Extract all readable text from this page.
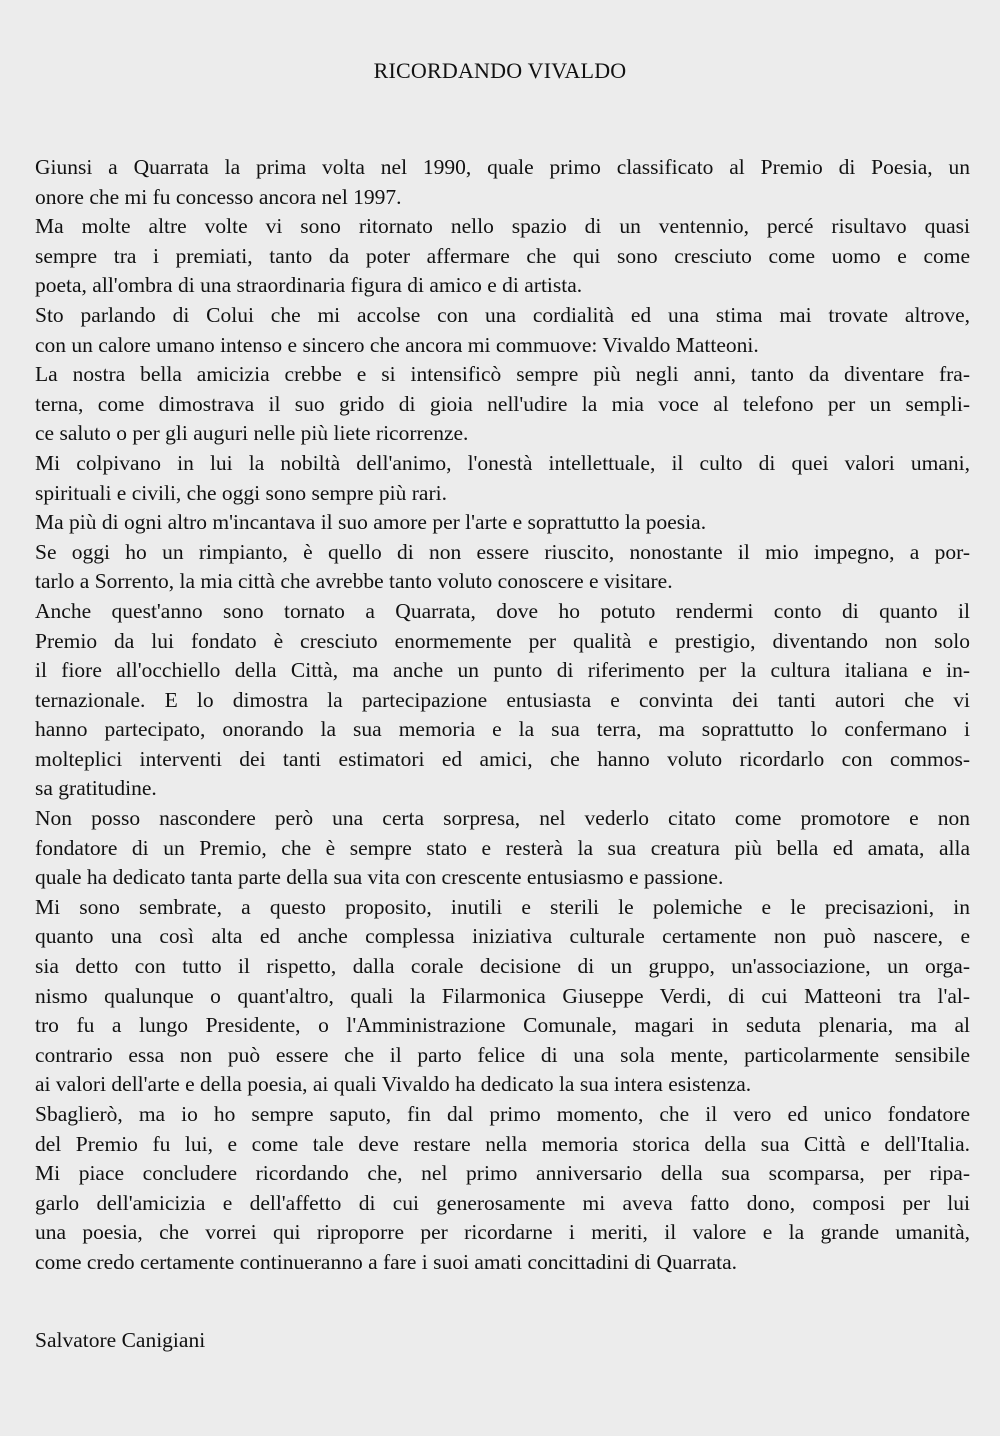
RICORDANDO VIVALDO
Giunsi a Quarrata la prima volta nel 1990, quale primo classificato al Premio di Poesia, un
onore che mi fu concesso ancora nel 1997.
Ma molte altre volte vi sono ritornato nello spazio di un ventennio, percé risultavo quasi
sempre tra i premiati, tanto da poter affermare che qui sono cresciuto come uomo e come
poeta, all'ombra di una straordinaria figura di amico e di artista.
Sto parlando di Colui che mi accolse con una cordialità ed una stima mai trovate altrove,
con un calore umano intenso e sincero che ancora mi commuove: Vivaldo Matteoni.
La nostra bella amicizia crebbe e si intensificò sempre più negli anni, tanto da diventare fra-
terna, come dimostrava il suo grido di gioia nell'udire la mia voce al telefono per un sempli-
ce saluto o per gli auguri nelle più liete ricorrenze.
Mi colpivano in lui la nobiltà dell'animo, l'onestà intellettuale, il culto di quei valori umani,
spirituali e civili, che oggi sono sempre più rari.
Ma più di ogni altro m'incantava il suo amore per l'arte e soprattutto la poesia.
Se oggi ho un rimpianto, è quello di non essere riuscito, nonostante il mio impegno, a por-
tarlo a Sorrento, la mia città che avrebbe tanto voluto conoscere e visitare.
Anche quest'anno sono tornato a Quarrata, dove ho potuto rendermi conto di quanto il
Premio da lui fondato è cresciuto enormemente per qualità e prestigio, diventando non solo
il fiore all'occhiello della Città, ma anche un punto di riferimento per la cultura italiana e in-
ternazionale. E lo dimostra la partecipazione entusiasta e convinta dei tanti autori che vi
hanno partecipato, onorando la sua memoria e la sua terra, ma soprattutto lo confermano i
molteplici interventi dei tanti estimatori ed amici, che hanno voluto ricordarlo con commos-
sa gratitudine.
Non posso nascondere però una certa sorpresa, nel vederlo citato come promotore e non
fondatore di un Premio, che è sempre stato e resterà la sua creatura più bella ed amata, alla
quale ha dedicato tanta parte della sua vita con crescente entusiasmo e passione.
Mi sono sembrate, a questo proposito, inutili e sterili le polemiche e le precisazioni, in
quanto una così alta ed anche complessa iniziativa culturale certamente non può nascere, e
sia detto con tutto il rispetto, dalla corale decisione di un gruppo, un'associazione, un orga-
nismo qualunque o quant'altro, quali la Filarmonica Giuseppe Verdi, di cui Matteoni tra l'al-
tro fu a lungo Presidente, o l'Amministrazione Comunale, magari in seduta plenaria, ma al
contrario essa non può essere che il parto felice di una sola mente, particolarmente sensibile
ai valori dell'arte e della poesia, ai quali Vivaldo ha dedicato la sua intera esistenza.
Sbaglierò, ma io ho sempre saputo, fin dal primo momento, che il vero ed unico fondatore
del Premio fu lui, e come tale deve restare nella memoria storica della sua Città e dell'Italia.
Mi piace concludere ricordando che, nel primo anniversario della sua scomparsa, per ripa-
garlo dell'amicizia e dell'affetto di cui generosamente mi aveva fatto dono, composi per lui
una poesia, che vorrei qui riproporre per ricordarne i meriti, il valore e la grande umanità,
come credo certamente continueranno a fare i suoi amati concittadini di Quarrata.
Salvatore Canigiani
